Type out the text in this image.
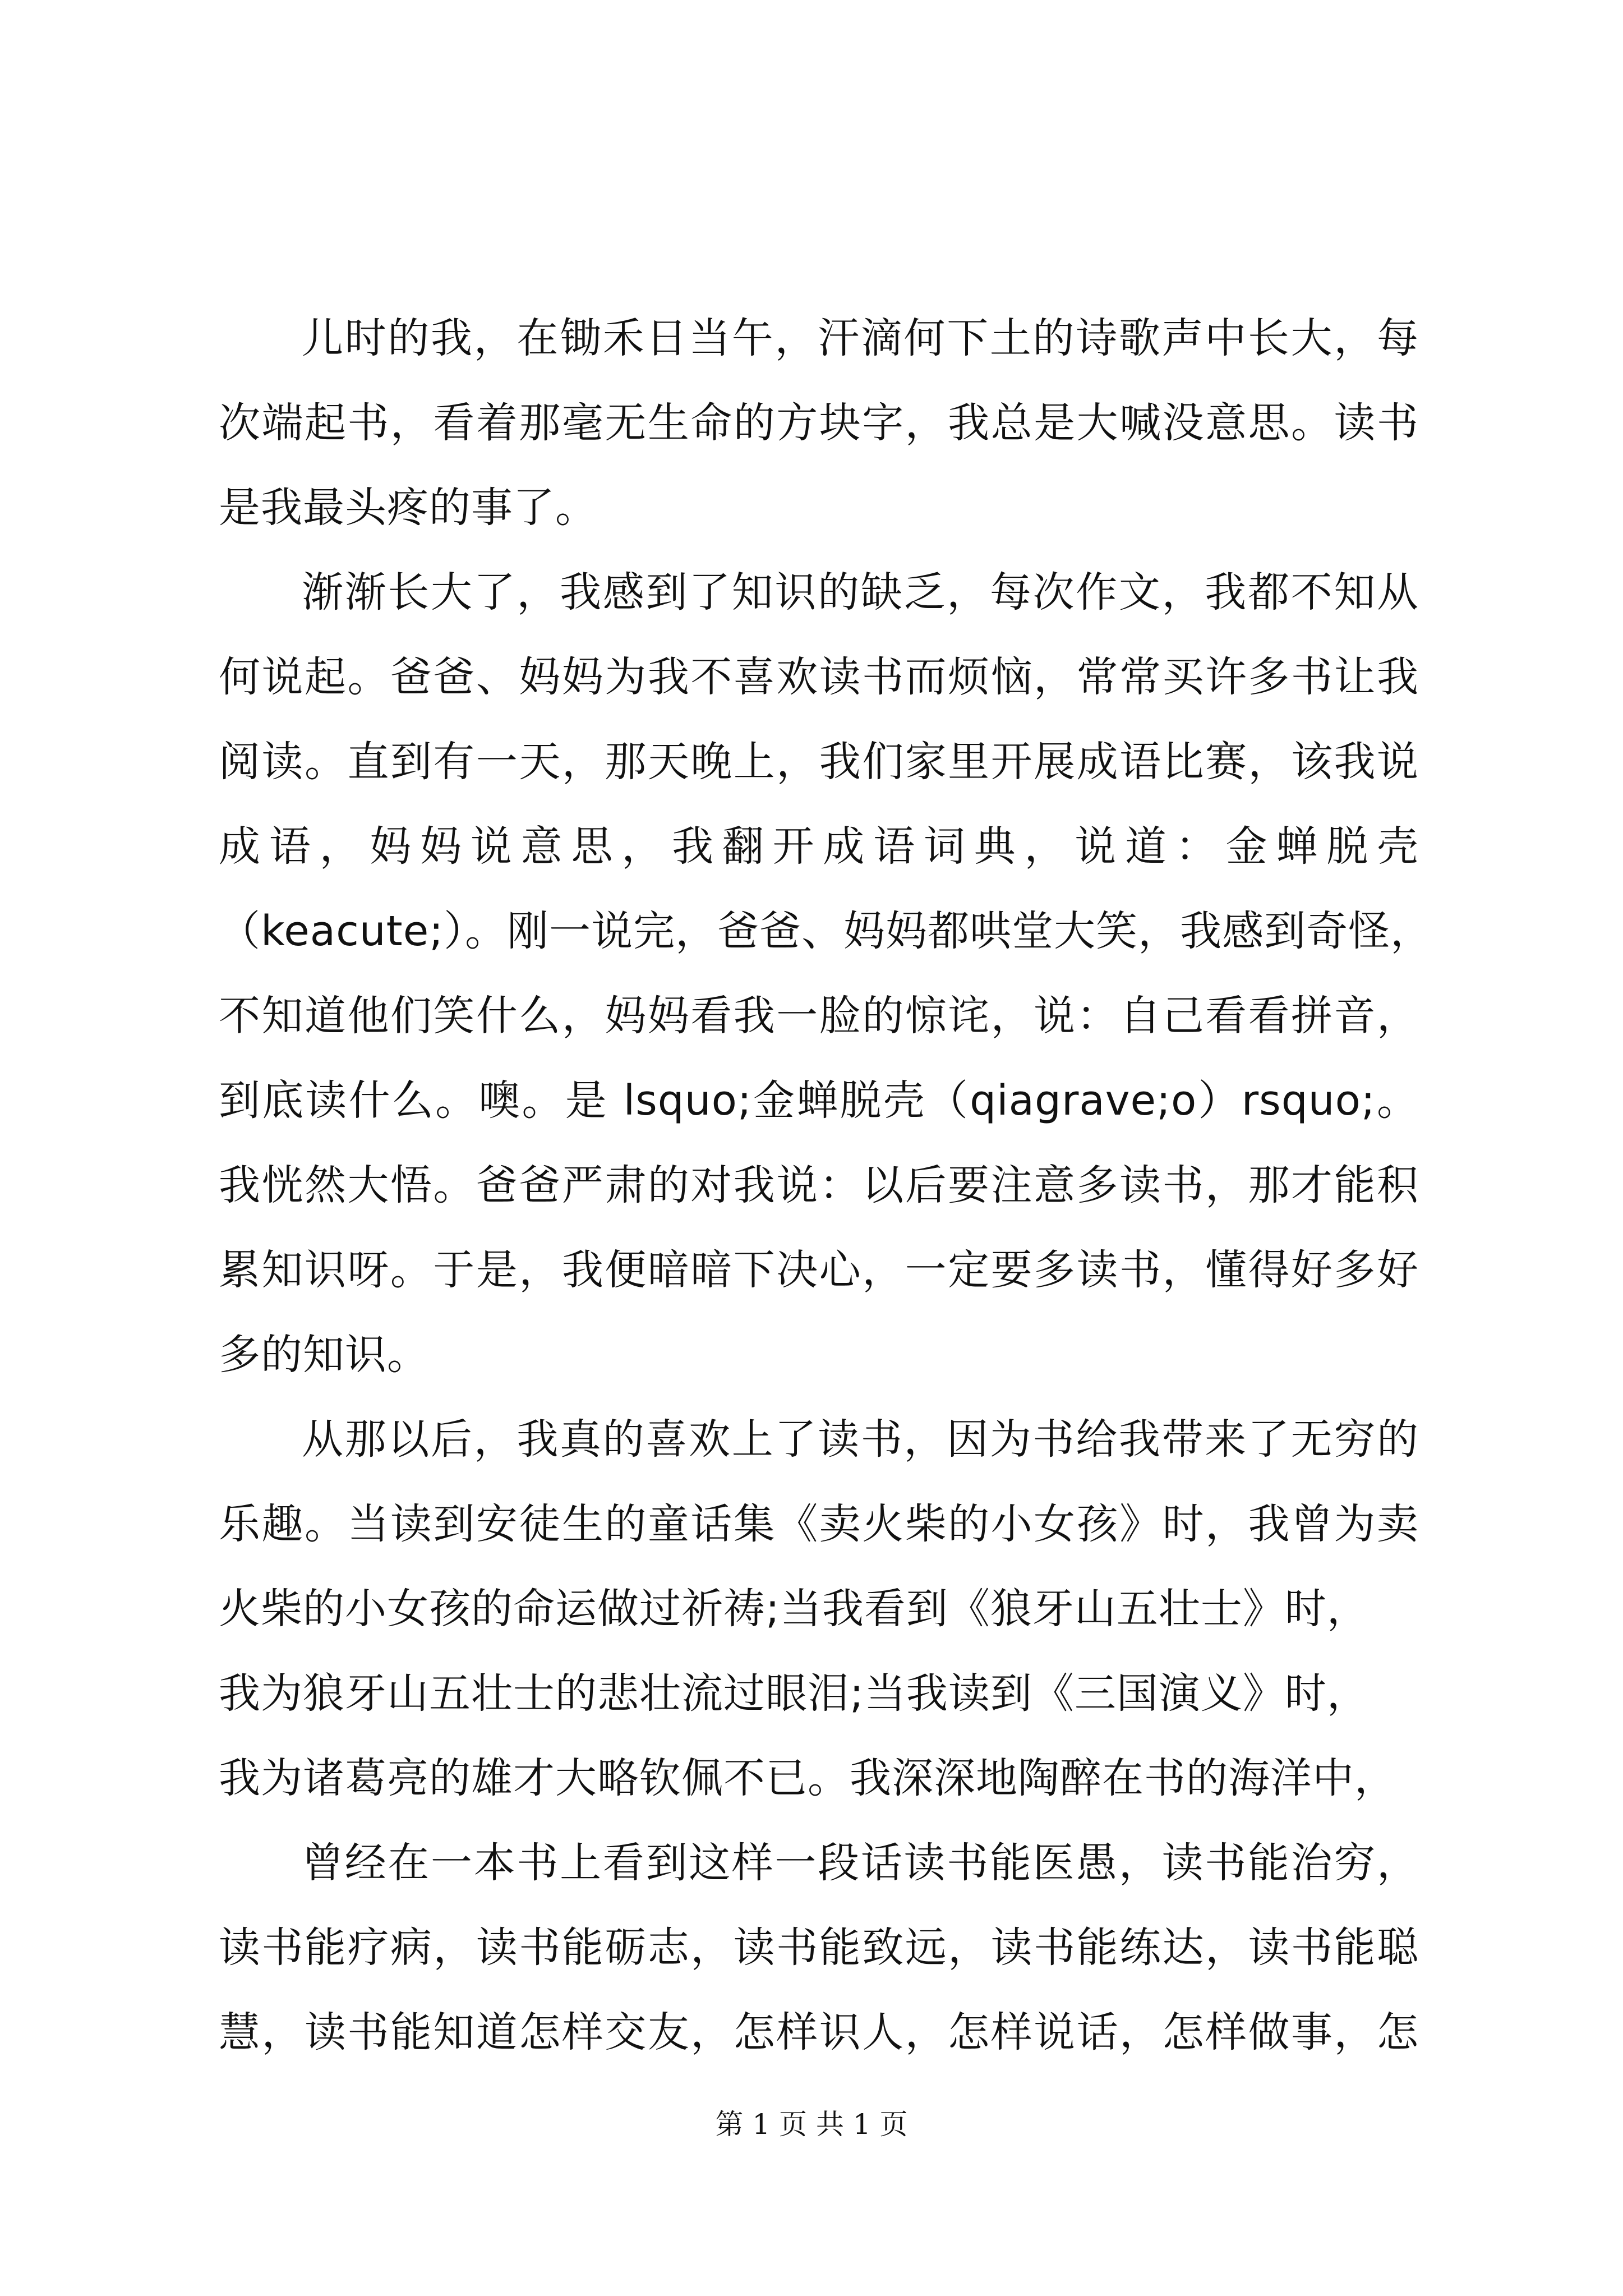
儿时的我，在锄禾日当午，汗滴何下土的诗歌声中长大，每
次端起书，看着那毫无生命的方块字，我总是大喊没意思。读书
是我最头疼的事了。
渐渐长大了，我感到了知识的缺乏，每次作文，我都不知从
何说起。爸爸、妈妈为我不喜欢读书而烦恼，常常买许多书让我
阅读。直到有一天，那天晚上，我们家里开展成语比赛，该我说
成语，妈妈说意思，我翻开成语词典，说道：金蝉脱壳
（keacute;）。刚一说完，爸爸、妈妈都哄堂大笑，我感到奇怪，
不知道他们笑什么，妈妈看我一脸的惊诧，说：自己看看拼音，
到底读什么。噢。是 lsquo;金蝉脱壳（qiagrave;o）rsquo;。
我恍然大悟。爸爸严肃的对我说：以后要注意多读书，那才能积
累知识呀。于是，我便暗暗下决心，一定要多读书，懂得好多好
多的知识。
从那以后，我真的喜欢上了读书，因为书给我带来了无穷的
乐趣。当读到安徒生的童话集《卖火柴的小女孩》时，我曾为卖
火柴的小女孩的命运做过祈祷;当我看到《狼牙山五壮士》时，
我为狼牙山五壮士的悲壮流过眼泪;当我读到《三国演义》时，
我为诸葛亮的雄才大略钦佩不已。我深深地陶醉在书的海洋中，
曾经在一本书上看到这样一段话读书能医愚，读书能治穷，
读书能疗病，读书能砺志，读书能致远，读书能练达，读书能聪
慧，读书能知道怎样交友，怎样识人，怎样说话，怎样做事，怎
第 1 页 共 1 页
